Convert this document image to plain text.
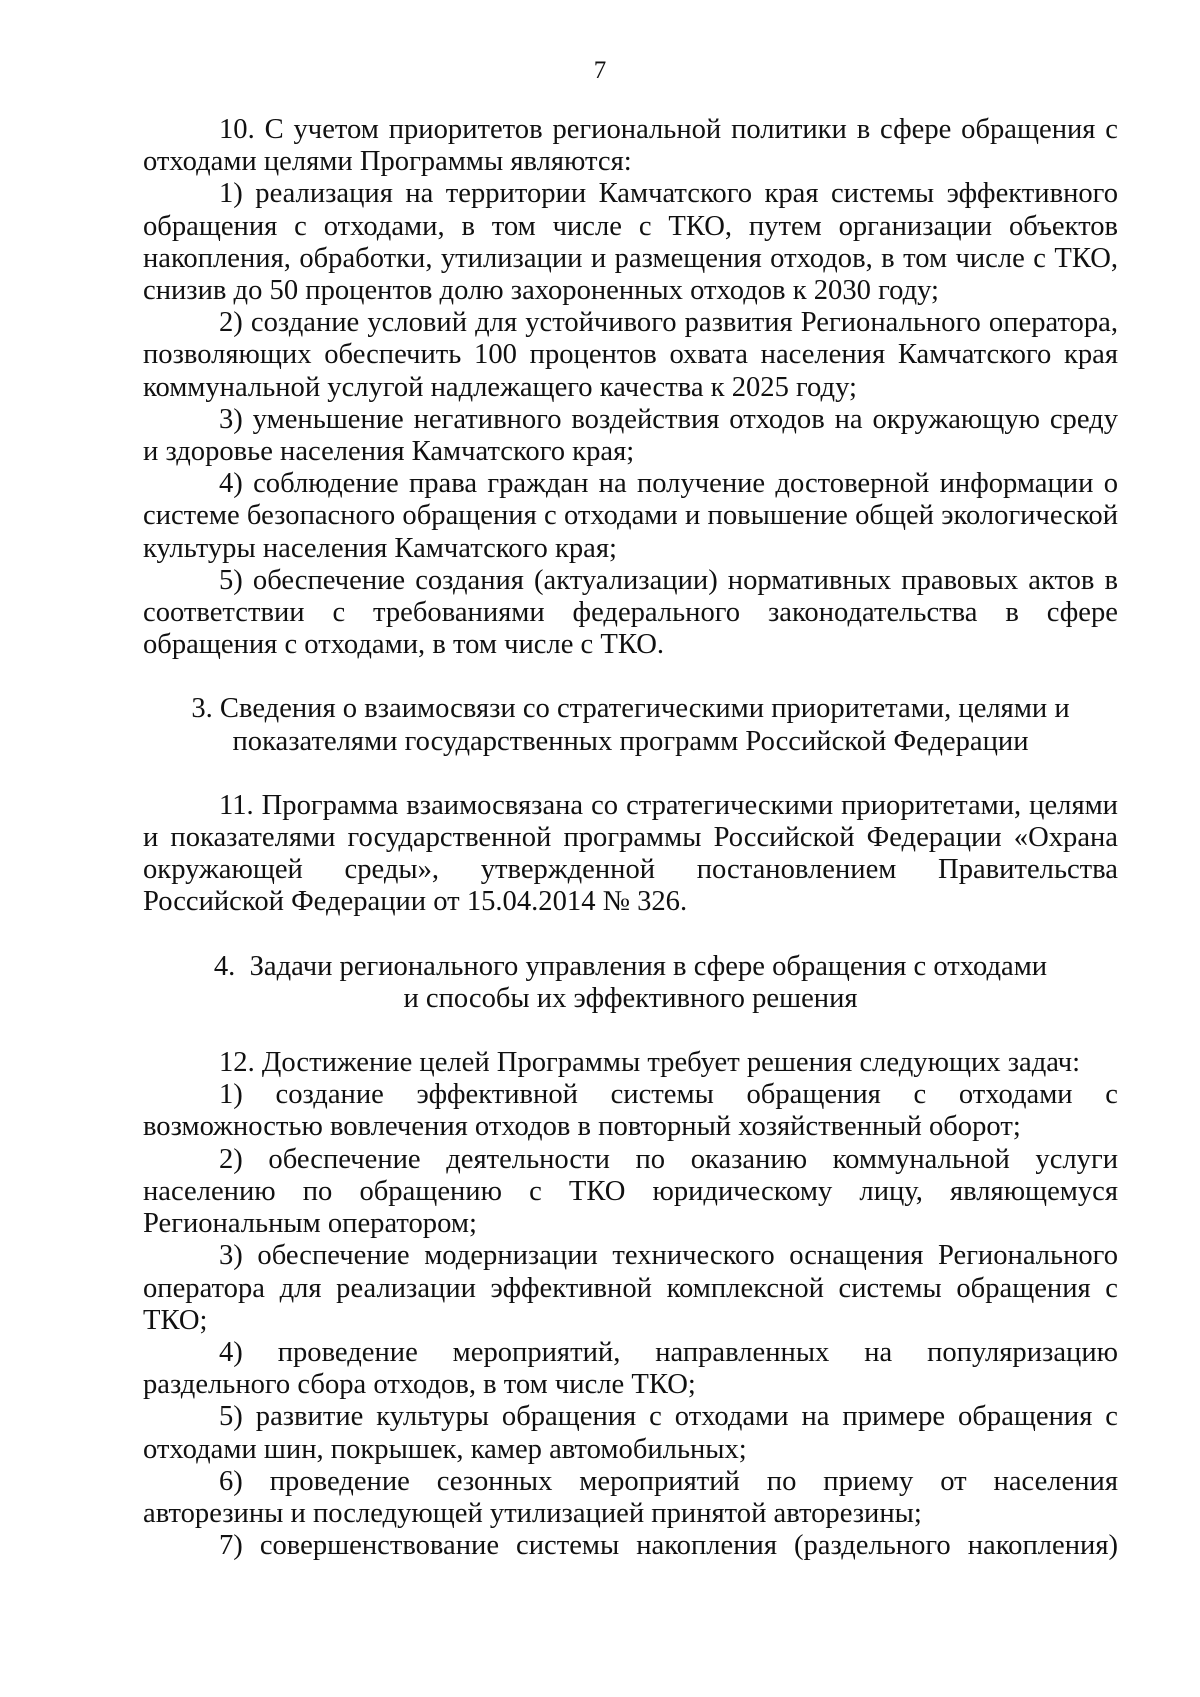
7

10. С учетом приоритетов региональной политики в сфере обращения с отходами целями Программы являются:

1) реализация на территории Камчатского края системы эффективного обращения с отходами, в том числе с ТКО, путем организации объектов накопления, обработки, утилизации и размещения отходов, в том числе с ТКО, снизив до 50 процентов долю захороненных отходов к 2030 году;

2) создание условий для устойчивого развития Регионального оператора, позволяющих обеспечить 100 процентов охвата населения Камчатского края коммунальной услугой надлежащего качества к 2025 году;

3) уменьшение негативного воздействия отходов на окружающую среду и здоровье населения Камчатского края;

4) соблюдение права граждан на получение достоверной информации о системе безопасного обращения с отходами и повышение общей экологической культуры населения Камчатского края;

5) обеспечение создания (актуализации) нормативных правовых актов в соответствии с требованиями федерального законодательства в сфере обращения с отходами, в том числе с ТКО.

3. Сведения о взаимосвязи со стратегическими приоритетами, целями и
показателями государственных программ Российской Федерации

11. Программа взаимосвязана со стратегическими приоритетами, целями и показателями государственной программы Российской Федерации «Охрана окружающей среды», утвержденной постановлением Правительства Российской Федерации от 15.04.2014 № 326.

4.  Задачи регионального управления в сфере обращения с отходами
и способы их эффективного решения

12. Достижение целей Программы требует решения следующих задач:

1) создание эффективной системы обращения с отходами с возможностью вовлечения отходов в повторный хозяйственный оборот;

2) обеспечение деятельности по оказанию коммунальной услуги населению по обращению с ТКО юридическому лицу, являющемуся Региональным оператором;

3) обеспечение модернизации технического оснащения Регионального оператора для реализации эффективной комплексной системы обращения с ТКО;

4) проведение мероприятий, направленных на популяризацию раздельного сбора отходов, в том числе ТКО;

5) развитие культуры обращения с отходами на примере обращения с отходами шин, покрышек, камер автомобильных;

6) проведение сезонных мероприятий по приему от населения авторезины и последующей утилизацией принятой авторезины;

7) совершенствование системы накопления (раздельного накопления)
